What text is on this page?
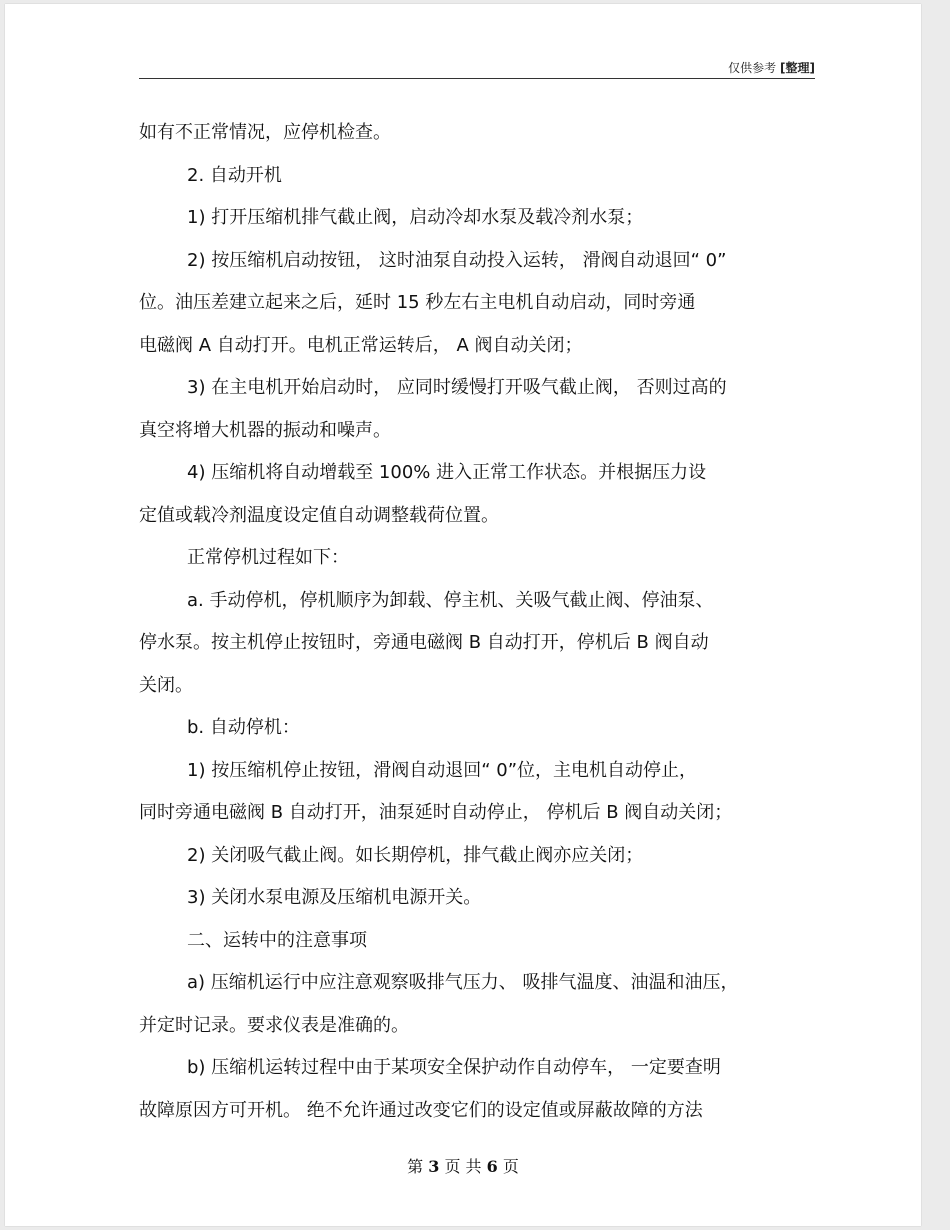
仅供参考 [整理]

如有不正常情况，应停机检查。

2. 自动开机

1) 打开压缩机排气截止阀，启动冷却水泵及载冷剂水泵；

2) 按压缩机启动按钮， 这时油泵自动投入运转， 滑阀自动退回“ 0”

位。油压差建立起来之后，延时 15 秒左右主电机自动启动，同时旁通

电磁阀 A 自动打开。电机正常运转后， A 阀自动关闭；

3) 在主电机开始启动时， 应同时缓慢打开吸气截止阀， 否则过高的

真空将增大机器的振动和噪声。

4) 压缩机将自动增载至 100% 进入正常工作状态。并根据压力设

定值或载冷剂温度设定值自动调整载荷位置。

正常停机过程如下：

a. 手动停机，停机顺序为卸载、停主机、关吸气截止阀、停油泵、

停水泵。按主机停止按钮时，旁通电磁阀 B 自动打开，停机后 B 阀自动

关闭。

b. 自动停机：

1) 按压缩机停止按钮，滑阀自动退回“ 0”位，主电机自动停止，

同时旁通电磁阀 B 自动打开，油泵延时自动停止， 停机后 B 阀自动关闭；

2) 关闭吸气截止阀。如长期停机，排气截止阀亦应关闭；

3) 关闭水泵电源及压缩机电源开关。

二、运转中的注意事项

a) 压缩机运行中应注意观察吸排气压力、 吸排气温度、油温和油压，

并定时记录。要求仪表是准确的。

b) 压缩机运转过程中由于某项安全保护动作自动停车， 一定要查明

故障原因方可开机。 绝不允许通过改变它们的设定值或屏蔽故障的方法

第 3 页 共 6 页
